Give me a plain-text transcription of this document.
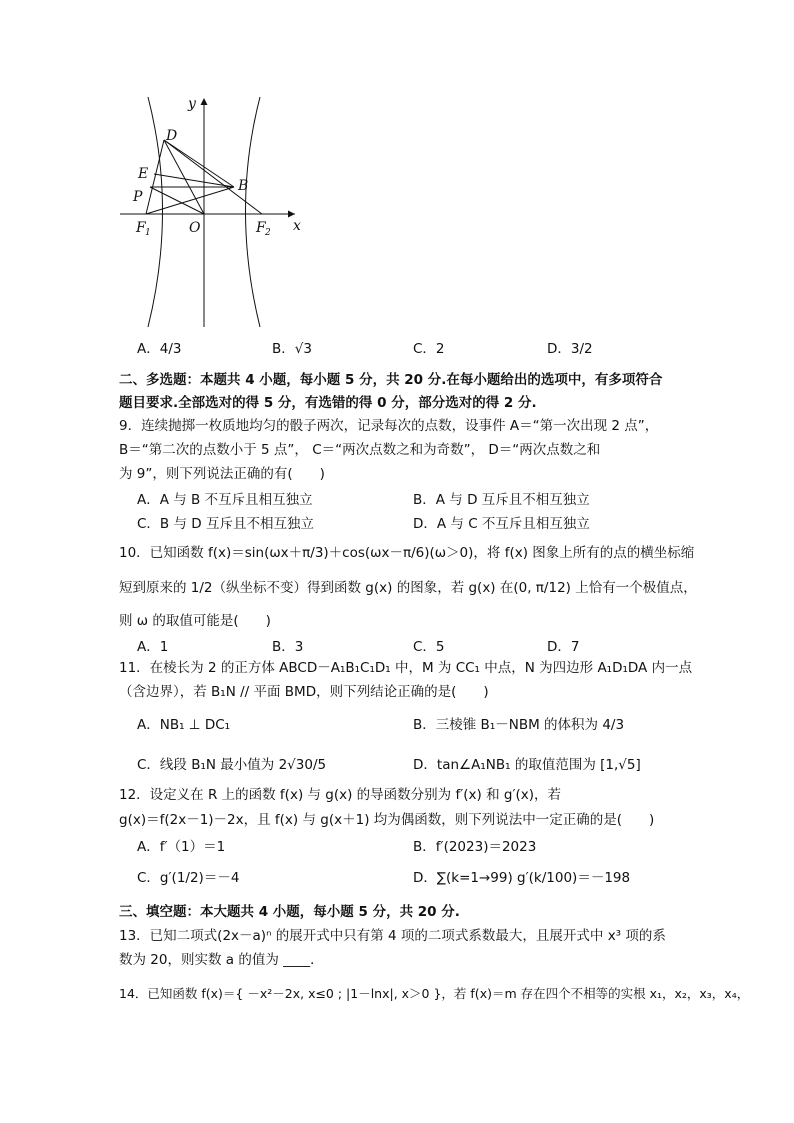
y
D
E
P
B
F 1	O	F 2 x
A．4/3	B．√3	C．2	D．3/2
二、多选题：本题共 4 小题，每小题 5 分，共 20 分.在每小题给出的选项中，有多项符合
题目要求.全部选对的得 5 分，有选错的得 0 分，部分选对的得 2 分.
9．连续抛掷一枚质地均匀的骰子两次，记录每次的点数，设事件 A＝“第一次出现 2 点”，
B＝“第二次的点数小于 5 点”， C＝“两次点数之和为奇数”， D＝“两次点数之和
为 9”，则下列说法正确的有(　　)
A．A 与 B 不互斥且相互独立	B．A 与 D 互斥且不相互独立
C．B 与 D 互斥且不相互独立	D．A 与 C 不互斥且相互独立
10．已知函数 f(x)＝sin(ωx＋π/3)＋cos(ωx－π/6)(ω＞0)，将 f(x) 图象上所有的点的横坐标缩
短到原来的 1/2（纵坐标不变）得到函数 g(x) 的图象，若 g(x) 在(0, π/12) 上恰有一个极值点，
则 ω 的取值可能是(　　)
A．1	B．3	C．5	D．7
11．在棱长为 2 的正方体 ABCD－A₁B₁C₁D₁ 中，M 为 CC₁ 中点，N 为四边形 A₁D₁DA 内一点
（含边界），若 B₁N // 平面 BMD，则下列结论正确的是(　　)
A．NB₁ ⊥ DC₁	B．三棱锥 B₁－NBM 的体积为 4/3
C．线段 B₁N 最小值为 2√30/5	D．tan∠A₁NB₁ 的取值范围为 [1,√5]
12．设定义在 R 上的函数 f(x) 与 g(x) 的导函数分别为 f′(x) 和 g′(x)，若
g(x)＝f(2x－1)－2x，且 f(x) 与 g(x＋1) 均为偶函数，则下列说法中一定正确的是(　　)
A．f′（1）＝1	B．f′(2023)＝2023
C．g′(1/2)＝－4	D．∑(k=1→99) g′(k/100)＝－198
三、填空题：本大题共 4 小题，每小题 5 分，共 20 分.
13．已知二项式(2x－a)ⁿ 的展开式中只有第 4 项的二项式系数最大，且展开式中 x³ 项的系
数为 20，则实数 a 的值为 ____．
14．已知函数 f(x)＝{ －x²－2x, x≤0 ; |1－lnx|, x＞0 }，若 f(x)＝m 存在四个不相等的实根 x₁，x₂，x₃，x₄，
